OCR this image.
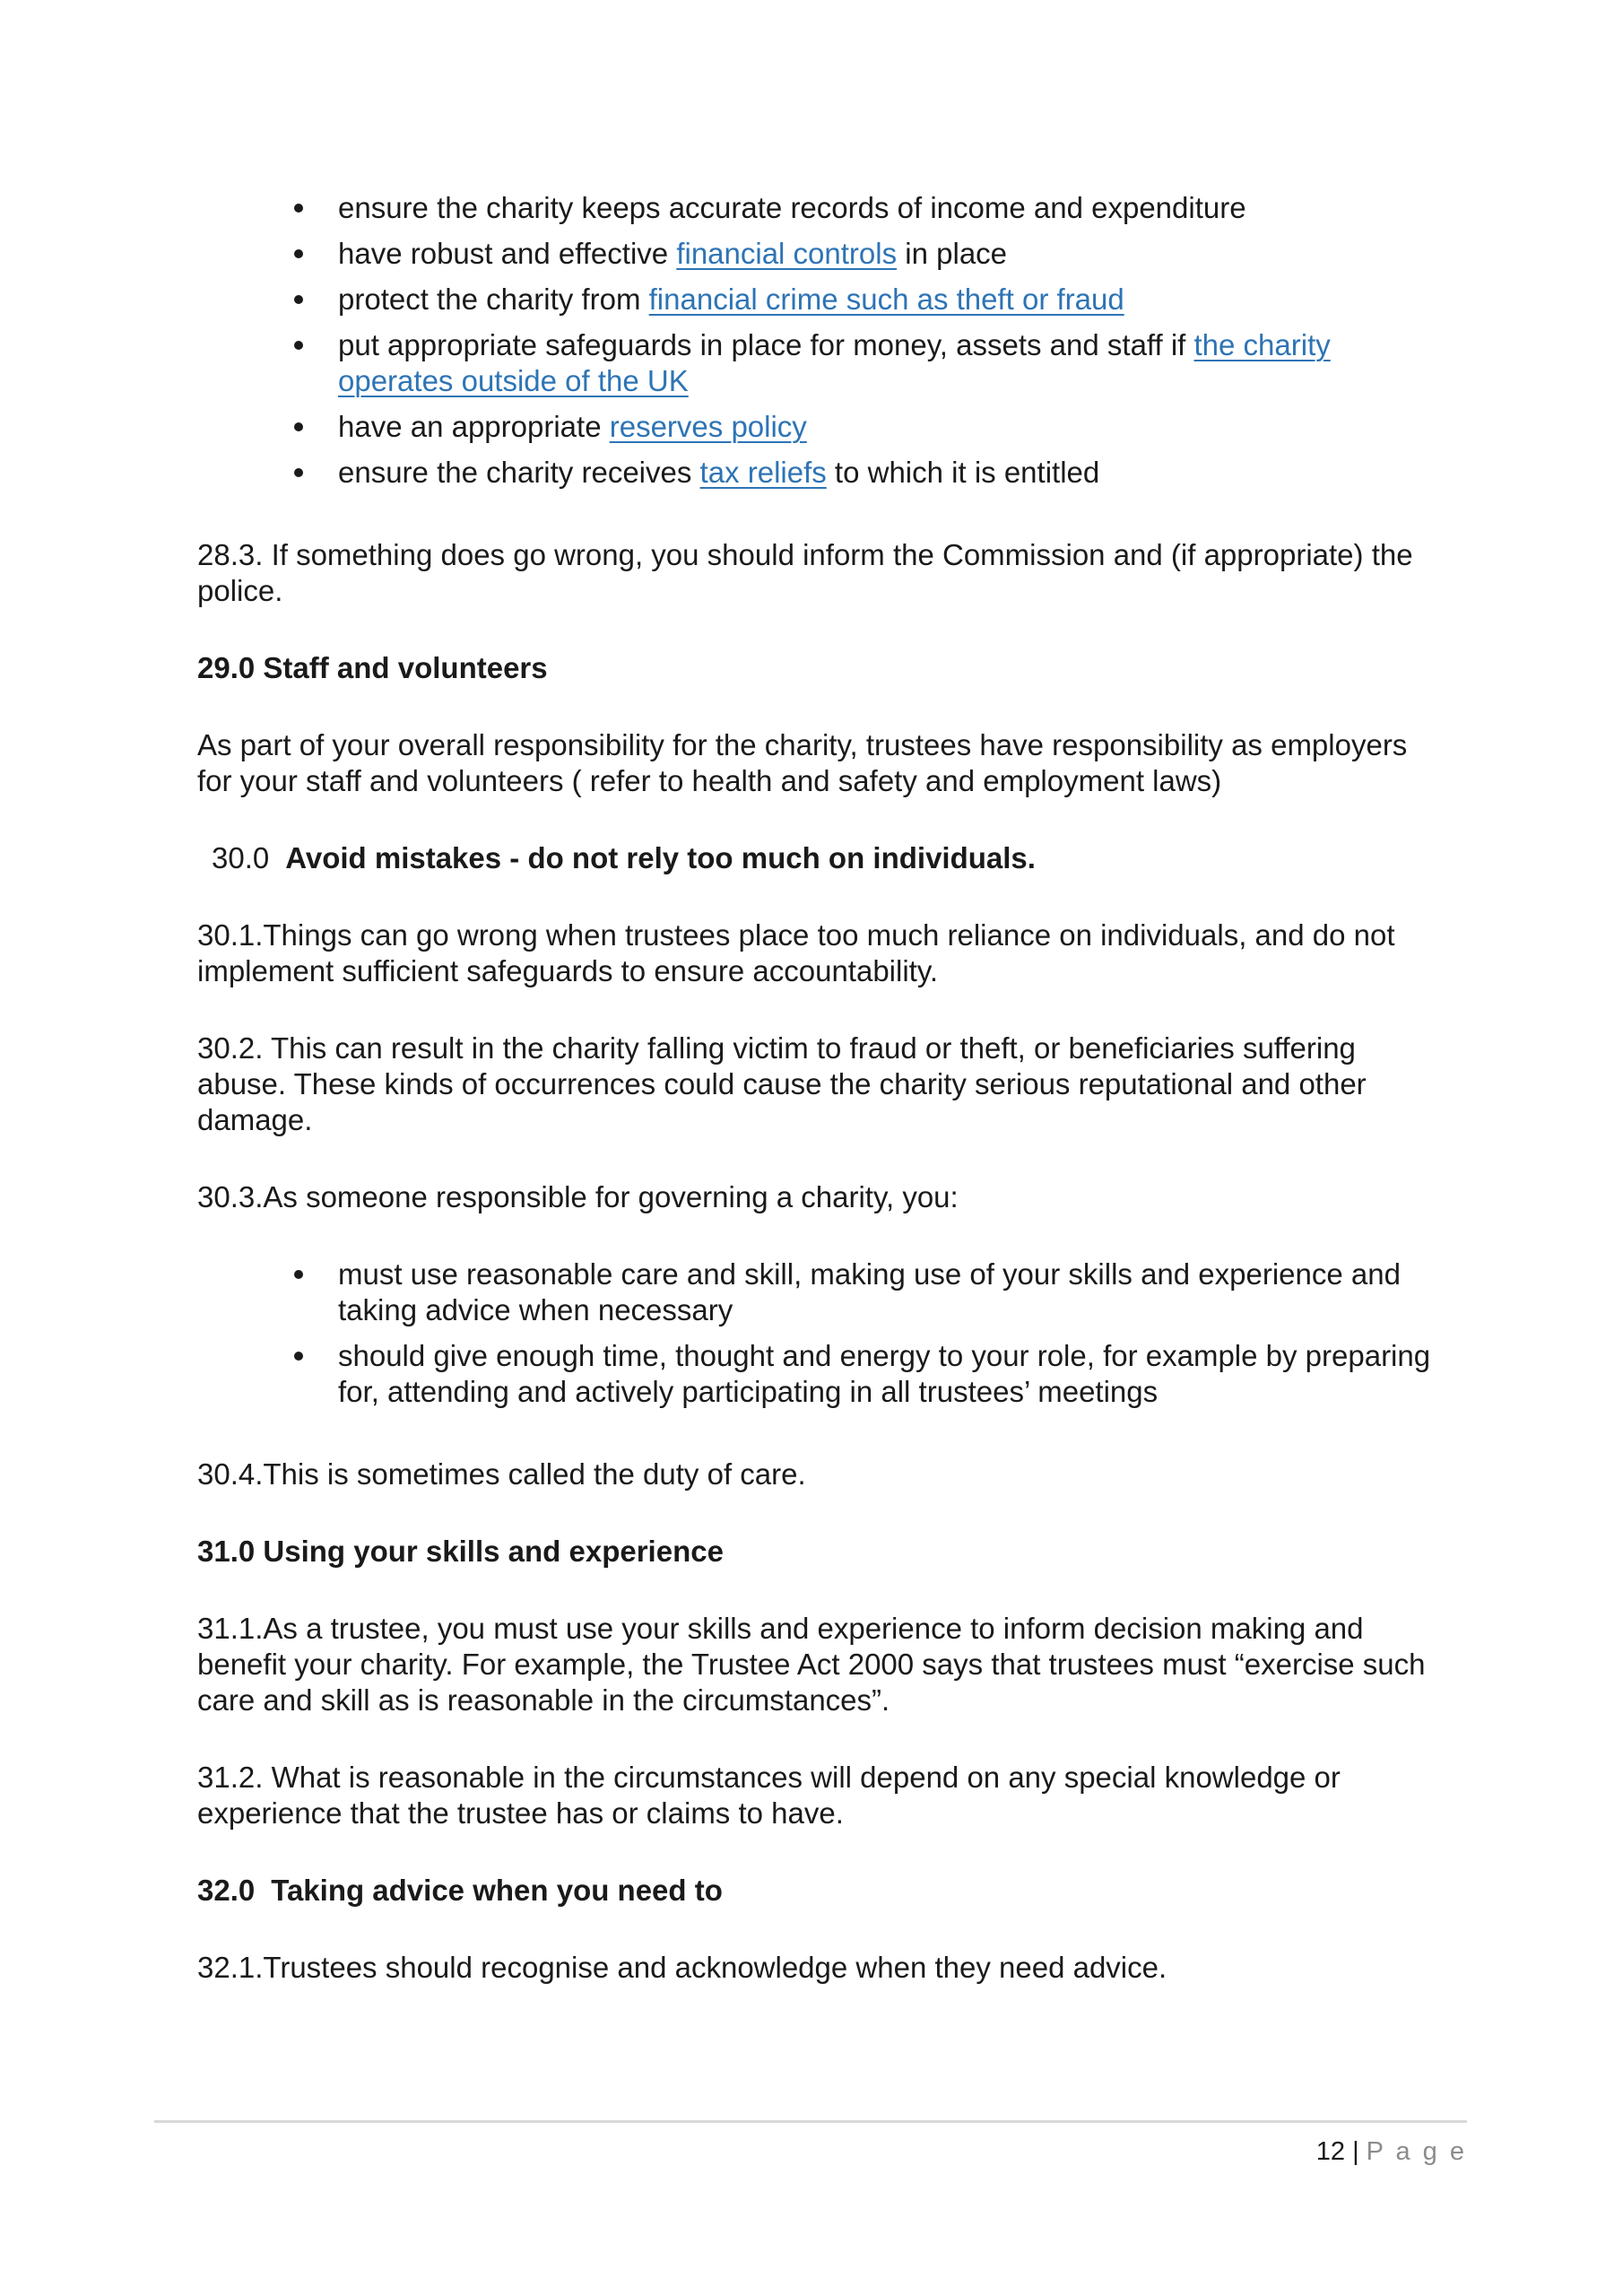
ensure the charity keeps accurate records of income and expenditure
have robust and effective financial controls in place
protect the charity from financial crime such as theft or fraud
put appropriate safeguards in place for money, assets and staff if the charity operates outside of the UK
have an appropriate reserves policy
ensure the charity receives tax reliefs to which it is entitled

28.3. If something does go wrong, you should inform the Commission and (if appropriate) the police.

29.0 Staff and volunteers

As part of your overall responsibility for the charity, trustees have responsibility as employers for your staff and volunteers ( refer to health and safety and employment laws)

30.0 Avoid mistakes - do not rely too much on individuals.

30.1.Things can go wrong when trustees place too much reliance on individuals, and do not implement sufficient safeguards to ensure accountability.

30.2. This can result in the charity falling victim to fraud or theft, or beneficiaries suffering abuse. These kinds of occurrences could cause the charity serious reputational and other damage.

30.3.As someone responsible for governing a charity, you:

must use reasonable care and skill, making use of your skills and experience and taking advice when necessary
should give enough time, thought and energy to your role, for example by preparing for, attending and actively participating in all trustees’ meetings

30.4.This is sometimes called the duty of care.

31.0 Using your skills and experience

31.1.As a trustee, you must use your skills and experience to inform decision making and benefit your charity. For example, the Trustee Act 2000 says that trustees must “exercise such care and skill as is reasonable in the circumstances”.

31.2. What is reasonable in the circumstances will depend on any special knowledge or experience that the trustee has or claims to have.

32.0 Taking advice when you need to

32.1.Trustees should recognise and acknowledge when they need advice.

12 | P a g e
